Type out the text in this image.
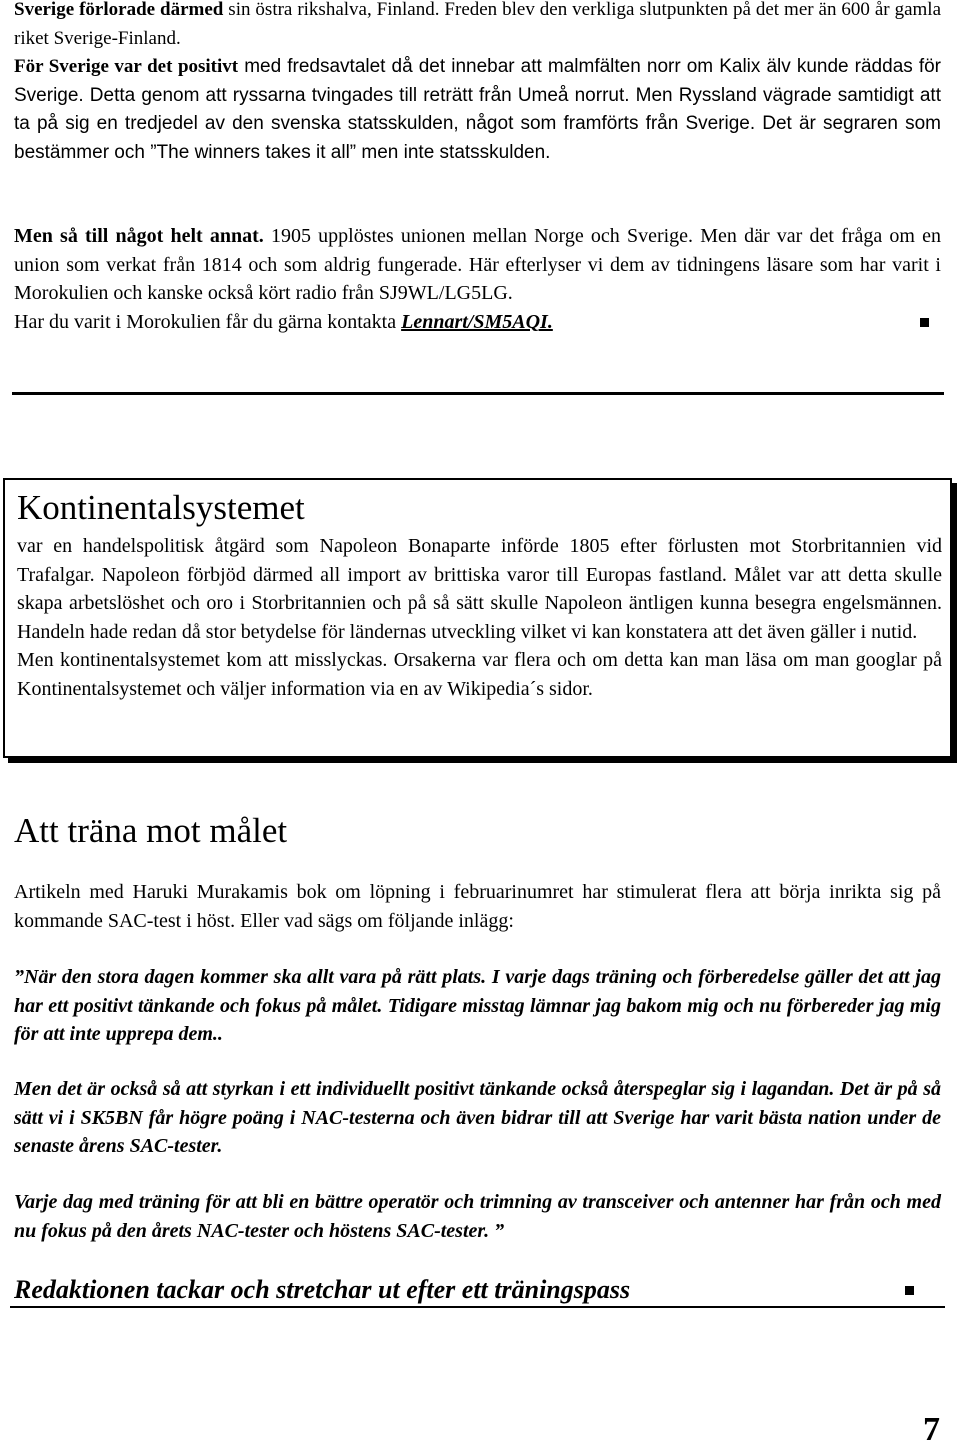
Sverige förlorade därmed sin östra rikshalva, Finland. Freden blev den verkliga slutpunkten på det mer än 600 år gamla riket Sverige-Finland.

För Sverige var det positivt med fredsavtalet då det innebar att malmfälten norr om Kalix älv kunde räddas för Sverige. Detta genom att ryssarna tvingades till reträtt från Umeå norrut. Men Ryssland vägrade samtidigt att ta på sig en tredjedel av den svenska statsskulden, något som framförts från Sverige. Det är segraren som bestämmer och ”The winners takes it all” men inte statsskulden.

Men så till något helt annat. 1905 upplöstes unionen mellan Norge och Sverige. Men där var det fråga om en union som verkat från 1814 och som aldrig fungerade. Här efterlyser vi dem av tidningens läsare som har varit i Morokulien och kanske också kört radio från SJ9WL/LG5LG.

Har du varit i Morokulien får du gärna kontakta Lennart/SM5AQI.

Kontinentalsystemet

var en handelspolitisk åtgärd som Napoleon Bonaparte införde 1805 efter förlusten mot Storbritannien vid Trafalgar. Napoleon förbjöd därmed all import av brittiska varor till Europas fastland. Målet var att detta skulle skapa arbetslöshet och oro i Storbritannien och på så sätt skulle Napoleon äntligen kunna besegra engelsmännen. Handeln hade redan då stor betydelse för ländernas utveckling vilket vi kan konstatera att det även gäller i nutid.

Men kontinentalsystemet kom att misslyckas. Orsakerna var flera och om detta kan man läsa om man googlar på Kontinentalsystemet och väljer information via en av Wikipedia´s sidor.

Att träna mot målet
Artikeln med Haruki Murakamis bok om löpning i februarinumret har stimulerat flera att börja inrikta sig på kommande SAC-test i höst. Eller vad sägs om följande inlägg:
”När den stora dagen kommer ska allt vara på rätt plats. I varje dags träning och förberedelse gäller det att jag har ett positivt tänkande och fokus på målet. Tidigare misstag lämnar jag bakom mig och nu förbereder jag mig för att inte upprepa dem..
Men det är också så att styrkan i ett individuellt positivt tänkande också återspeglar sig i lagandan. Det är på så sätt vi i SK5BN får högre poäng i NAC-testerna och även bidrar till att Sverige har varit bästa nation under de senaste årens SAC-tester.
Varje dag med träning för att bli en bättre operatör och trimning av transceiver och antenner har från och med nu fokus på den årets NAC-tester och höstens SAC-tester. ”
Redaktionen tackar och stretchar ut efter ett träningspass
7
